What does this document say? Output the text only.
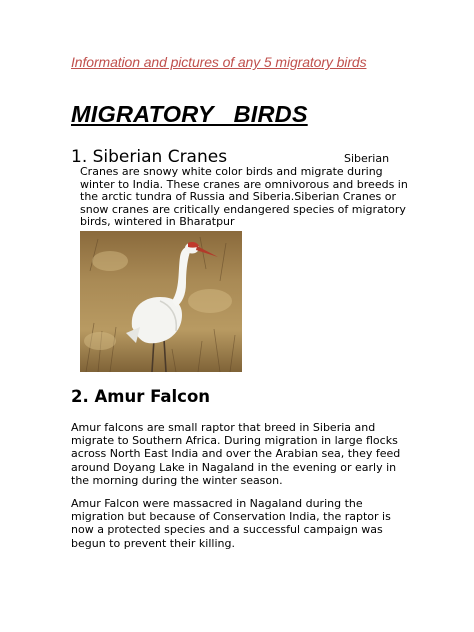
Information and pictures of any 5 migratory birds
MIGRATORY   BIRDS
1. Siberian Cranes	Siberian
Cranes are snowy white color birds and migrate during winter to India. These cranes are omnivorous and breeds in the arctic tundra of Russia and Siberia.Siberian Cranes or snow cranes are critically endangered species of migratory birds, wintered in Bharatpur
2. Amur Falcon
Amur falcons are small raptor that breed in Siberia and migrate to Southern Africa. During migration in large flocks across North East India and over the Arabian sea, they feed around Doyang Lake in Nagaland in the evening or early in the morning during the winter season.
Amur Falcon were massacred in Nagaland during the migration but because of Conservation India, the raptor is now a protected species and a successful campaign was begun to prevent their killing.
